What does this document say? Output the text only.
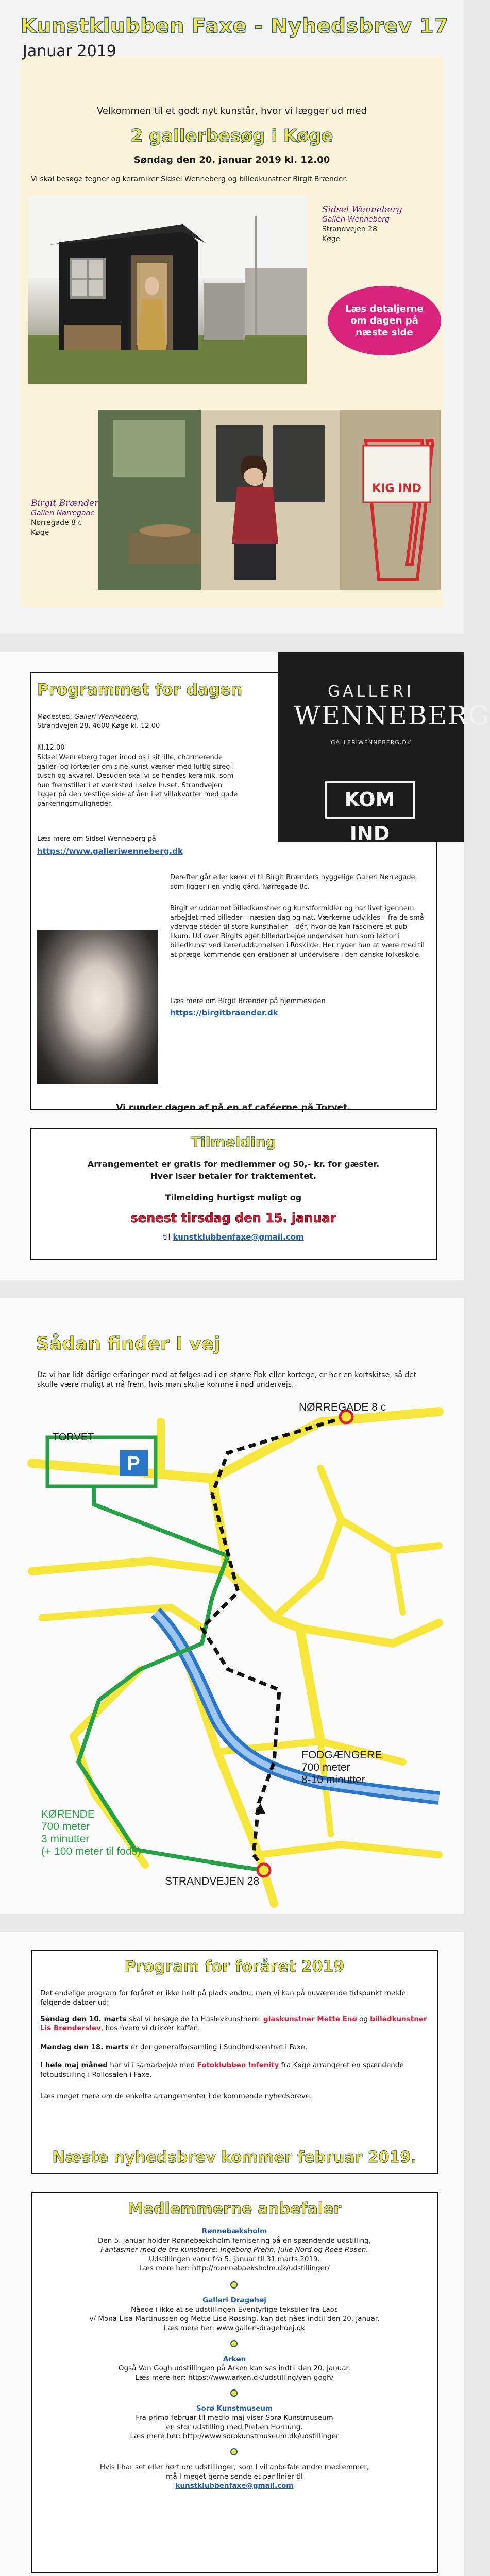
Kunstklubben Faxe - Nyhedsbrev 17
Januar 2019
Velkommen til et godt nyt kunstår, hvor vi lægger ud med
2 gallerbesøg i Køge
Søndag den 20. januar 2019 kl. 12.00
Vi skal besøge tegner og keramiker Sidsel Wenneberg og billedkunstner Birgit Brænder.
Sidsel Wenneberg
Galleri Wenneberg
Strandvejen 28
Køge
Læs detaljerne om dagen på næste side
KIG IND
Birgit Brænder
Galleri Nørregade
Nørregade 8 c
Køge
GALLERI
WENNEBERG
GALLERIWENNEBERG.DK
KOM IND
Programmet for dagen
Mødested: Galleri Wenneberg,
Strandvejen 28, 4600 Køge kl. 12.00
Kl.12.00
Sidsel Wenneberg tager imod os i sit lille, charmerende galleri og fortæller om sine kunst-værker med luftig streg i tusch og akvarel. Desuden skal vi se hendes keramik, som hun fremstiller i et værksted i selve huset. Strandvejen ligger på den vestlige side af åen i et villakvarter med gode parkeringsmuligheder.
Læs mere om Sidsel Wenneberg på
https://www.galleriwenneberg.dk
Derefter går eller kører vi til Birgit Brænders hyggelige Galleri Nørregade, som ligger i en yndig gård, Nørregade 8c.
Birgit er uddannet billedkunstner og kunstformidler og har livet igennem arbejdet med billeder – næsten dag og nat. Værkerne udvikles – fra de små yderyge steder til store kunsthaller – dér, hvor de kan fascinere et pub-likum. Ud over Birgits eget billedarbejde underviser hun som lektor i billedkunst ved læreruddannelsen i Roskilde. Her nyder hun at være med til at præge kommende gen-erationer af undervisere i den danske folkeskole.
Læs mere om Birgit Brænder på hjemmesiden
https://birgitbraender.dk
Vi runder dagen af på en af caféerne på Torvet.
Tilmelding
Arrangementet er gratis for medlemmer og 50,- kr. for gæster.
Hver især betaler for traktementet.
Tilmelding hurtigst muligt og
senest tirsdag den 15. januar
til kunstklubbenfaxe@gmail.com
Sådan finder I vej
Da vi har lidt dårlige erfaringer med at følges ad i en større flok eller kortege, er her en kortskitse, så det skulle være muligt at nå frem, hvis man skulle komme i nød undervejs.
P
TORVET
NØRREGADE 8 c
STRANDVEJEN 28
FODGÆNGERE
700 meter
8-10 minutter
KØRENDE
700 meter
3 minutter
(+ 100 meter til fods)
Program for foråret 2019
Det endelige program for foråret er ikke helt på plads endnu, men vi kan på nuværende tidspunkt melde følgende datoer ud:
Søndag den 10. marts skal vi besøge de to Haslevkunstnere: glaskunstner Mette Enø og billedkunstner Lis Brønderslev, hos hvem vi drikker kaffen.
Mandag den 18. marts er der generalforsamling i Sundhedscentret i Faxe.
I hele maj måned har vi i samarbejde med Fotoklubben Infenity fra Køge arrangeret en spændende fotoudstilling i Rollosalen i Faxe.
Læs meget mere om de enkelte arrangementer i de kommende nyhedsbreve.
Næste nyhedsbrev kommer februar 2019.
Medlemmerne anbefaler
Rønnebæksholm
Den 5. januar holder Rønnebæksholm fernisering på en spændende udstilling,
Fantasmer med de tre kunstnere: Ingeborg Prehn, Julie Nord og Roee Rosen.
Udstillingen varer fra 5. januar til 31 marts 2019.
Læs mere her: http://roennebaeksholm.dk/udstillinger/
Galleri Dragehøj
Nåede i ikke at se udstillingen Eventyrlige tekstiler fra Laos
v/ Mona Lisa Martinussen og Mette Lise Røssing, kan det nåes indtil den 20. januar.
Læs mere her: www.galleri-dragehoej.dk
Arken
Også Van Gogh udstillingen på Arken kan ses indtil den 20. januar.
Læs mere her: https://www.arken.dk/udstilling/van-gogh/
Sorø Kunstmuseum
Fra primo februar til medio maj viser Sorø Kunstmuseum
en stor udstilling med Preben Hornung.
Læs mere her: http://www.sorokunstmuseum.dk/udstillinger
Hvis I har set eller hørt om udstillinger, som I vil anbefale andre medlemmer,
må I meget gerne sende et par linier til
kunstklubbenfaxe@gmail.com
